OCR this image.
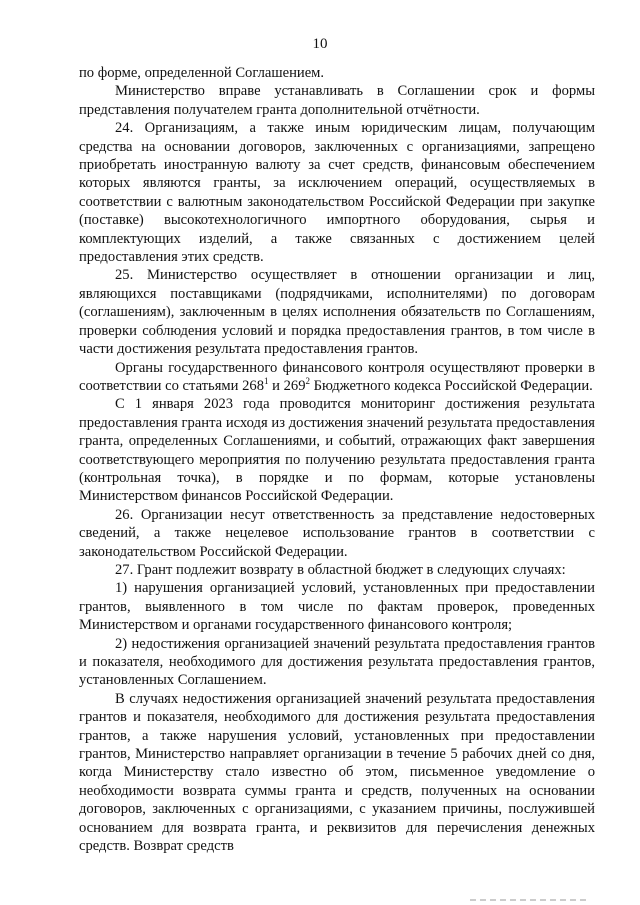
10

по форме, определенной Соглашением.

Министерство вправе устанавливать в Соглашении срок и формы представления получателем гранта дополнительной отчётности.

24. Организациям, а также иным юридическим лицам, получающим средства на основании договоров, заключенных с организациями, запрещено приобретать иностранную валюту за счет средств, финансовым обеспечением которых являются гранты, за исключением операций, осуществляемых в соответствии с валютным законодательством Российской Федерации при закупке (поставке) высокотехнологичного импортного оборудования, сырья и комплектующих изделий, а также связанных с достижением целей предоставления этих средств.

25. Министерство осуществляет в отношении организации и лиц, являющихся поставщиками (подрядчиками, исполнителями) по договорам (соглашениям), заключенным в целях исполнения обязательств по Соглашениям, проверки соблюдения условий и порядка предоставления грантов, в том числе в части достижения результата предоставления грантов.

Органы государственного финансового контроля осуществляют проверки в соответствии со статьями $268^1$ и $269^2$ Бюджетного кодекса Российской Федерации.

С 1 января 2023 года проводится мониторинг достижения результата предоставления гранта исходя из достижения значений результата предоставления гранта, определенных Соглашениями, и событий, отражающих факт завершения соответствующего мероприятия по получению результата предоставления гранта (контрольная точка), в порядке и по формам, которые установлены Министерством финансов Российской Федерации.

26. Организации несут ответственность за представление недостоверных сведений, а также нецелевое использование грантов в соответствии с законодательством Российской Федерации.

27. Грант подлежит возврату в областной бюджет в следующих случаях:

1) нарушения организацией условий, установленных при предоставлении грантов, выявленного в том числе по фактам проверок, проведенных Министерством и органами государственного финансового контроля;

2) недостижения организацией значений результата предоставления грантов и показателя, необходимого для достижения результата предоставления грантов, установленных Соглашением.

В случаях недостижения организацией значений результата предоставления грантов и показателя, необходимого для достижения результата предоставления грантов, а также нарушения условий, установленных при предоставлении грантов, Министерство направляет организации в течение 5 рабочих дней со дня, когда Министерству стало известно об этом, письменное уведомление о необходимости возврата суммы гранта и средств, полученных на основании договоров, заключенных с организациями, с указанием причины, послужившей основанием для возврата гранта, и реквизитов для перечисления денежных средств. Возврат средств
